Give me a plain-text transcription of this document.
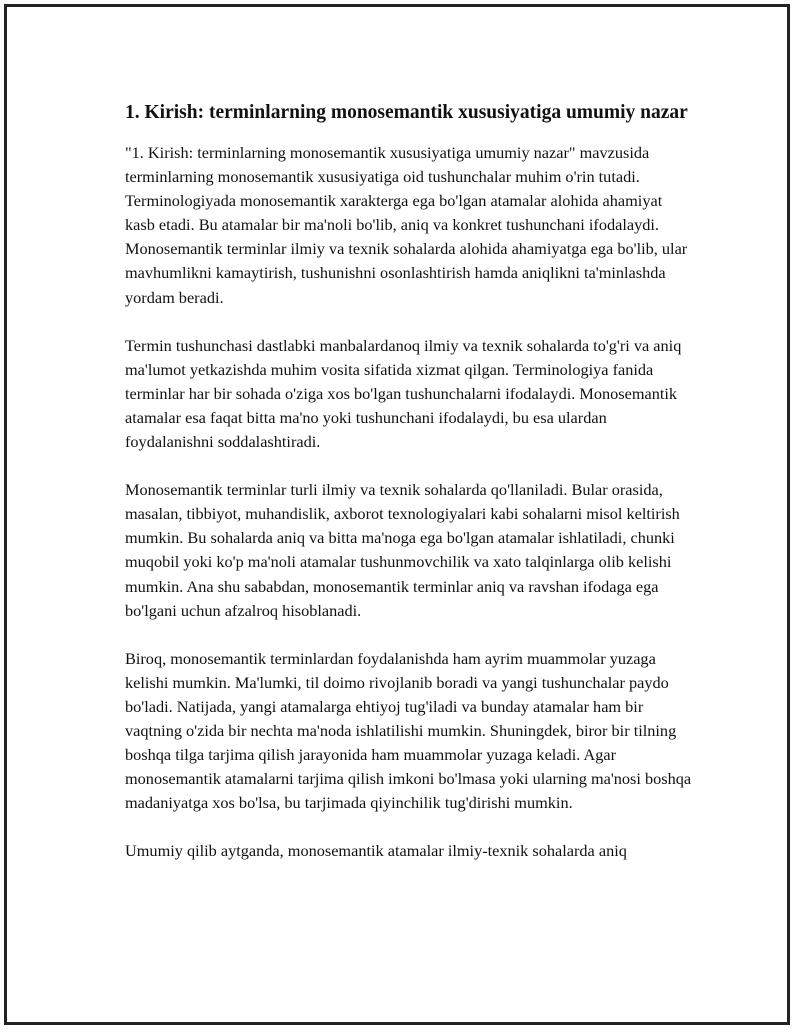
1. Kirish: terminlarning monosemantik xususiyatiga umumiy nazar

"1. Kirish: terminlarning monosemantik xususiyatiga umumiy nazar" mavzusida terminlarning monosemantik xususiyatiga oid tushunchalar muhim o'rin tutadi. Terminologiyada monosemantik xarakterga ega bo'lgan atamalar alohida ahamiyat kasb etadi. Bu atamalar bir ma'noli bo'lib, aniq va konkret tushunchani ifodalaydi. Monosemantik terminlar ilmiy va texnik sohalarda alohida ahamiyatga ega bo'lib, ular mavhumlikni kamaytirish, tushunishni osonlashtirish hamda aniqlikni ta'minlashda yordam beradi.

Termin tushunchasi dastlabki manbalardanoq ilmiy va texnik sohalarda to'g'ri va aniq ma'lumot yetkazishda muhim vosita sifatida xizmat qilgan. Terminologiya fanida terminlar har bir sohada o'ziga xos bo'lgan tushunchalarni ifodalaydi. Monosemantik atamalar esa faqat bitta ma'no yoki tushunchani ifodalaydi, bu esa ulardan foydalanishni soddalashtiradi.

Monosemantik terminlar turli ilmiy va texnik sohalarda qo'llaniladi. Bular orasida, masalan, tibbiyot, muhandislik, axborot texnologiyalari kabi sohalarni misol keltirish mumkin. Bu sohalarda aniq va bitta ma'noga ega bo'lgan atamalar ishlatiladi, chunki muqobil yoki ko'p ma'noli atamalar tushunmovchilik va xato talqinlarga olib kelishi mumkin. Ana shu sababdan, monosemantik terminlar aniq va ravshan ifodaga ega bo'lgani uchun afzalroq hisoblanadi.

Biroq, monosemantik terminlardan foydalanishda ham ayrim muammolar yuzaga kelishi mumkin. Ma'lumki, til doimo rivojlanib boradi va yangi tushunchalar paydo bo'ladi. Natijada, yangi atamalarga ehtiyoj tug'iladi va bunday atamalar ham bir vaqtning o'zida bir nechta ma'noda ishlatilishi mumkin. Shuningdek, biror bir tilning boshqa tilga tarjima qilish jarayonida ham muammolar yuzaga keladi. Agar monosemantik atamalarni tarjima qilish imkoni bo'lmasa yoki ularning ma'nosi boshqa madaniyatga xos bo'lsa, bu tarjimada qiyinchilik tug'dirishi mumkin.

Umumiy qilib aytganda, monosemantik atamalar ilmiy-texnik sohalarda aniq
